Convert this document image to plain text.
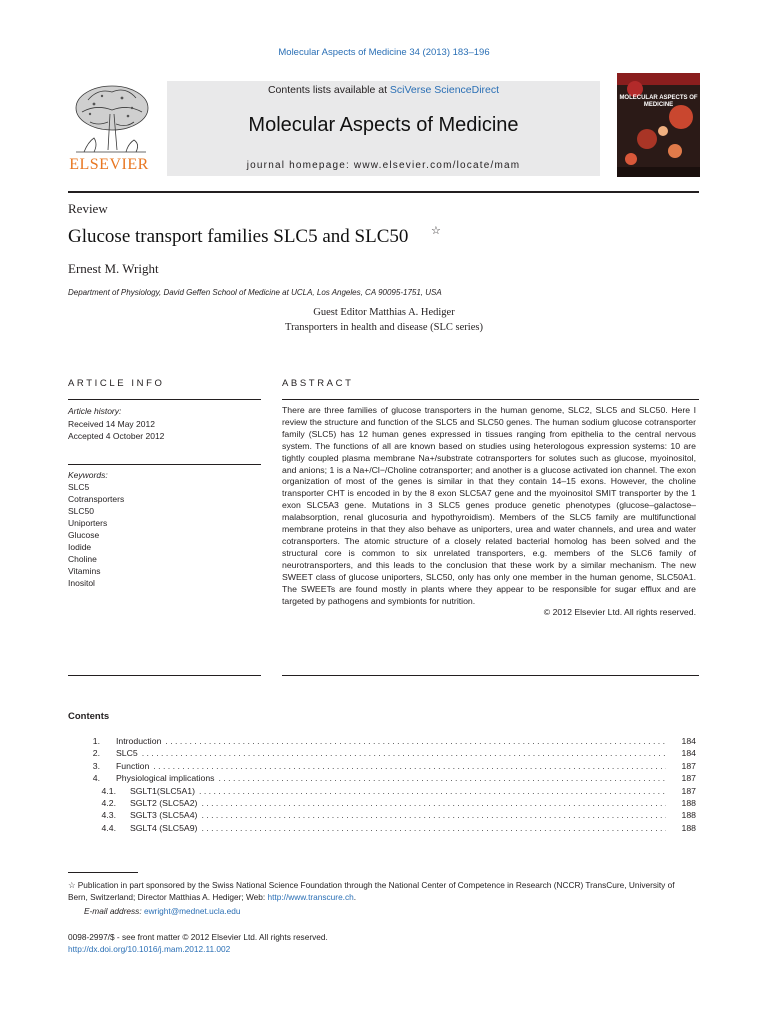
Molecular Aspects of Medicine 34 (2013) 183–196
Contents lists available at SciVerse ScienceDirect
Molecular Aspects of Medicine
journal homepage: www.elsevier.com/locate/mam
ELSEVIER
MOLECULAR ASPECTS OF MEDICINE
Review
Glucose transport families SLC5 and SLC50 ☆
Ernest M. Wright
Department of Physiology, David Geffen School of Medicine at UCLA, Los Angeles, CA 90095-1751, USA
Guest Editor Matthias A. Hediger
Transporters in health and disease (SLC series)
ARTICLE INFO	ABSTRACT
Article history:
Received 14 May 2012
Accepted 4 October 2012
Keywords:
SLC5
Cotransporters
SLC50
Uniporters
Glucose
Iodide
Choline
Vitamins
Inositol
There are three families of glucose transporters in the human genome, SLC2, SLC5 and SLC50. Here I review the structure and function of the SLC5 and SLC50 genes. The human sodium glucose cotransporter family (SLC5) has 12 human genes expressed in tissues ranging from epithelia to the central nervous system. The functions of all are known based on studies using heterologous expression systems: 10 are tightly coupled plasma membrane Na+/substrate cotransporters for solutes such as glucose, myoinositol, and anions; 1 is a Na+/Cl−/Choline cotransporter; and another is a glucose activated ion channel. The exon organization of most of the genes is similar in that they contain 14–15 exons. However, the choline transporter CHT is encoded in by the 8 exon SLC5A7 gene and the myoinositol SMIT transporter by the 1 exon SLC5A3 gene. Mutations in 3 SLC5 genes produce genetic phenotypes (glucose–galactose–malabsorption, renal glucosuria and hypothyroidism). Members of the SLC5 family are multifunctional membrane proteins in that they also behave as uniporters, urea and water channels, and urea and water cotransporters. The atomic structure of a closely related bacterial homolog has been solved and the structural core is common to six unrelated transporters, e.g. members of the SLC6 family of neurotransporters, and this leads to the conclusion that these work by a similar mechanism. The new SWEET class of glucose uniporters, SLC50, only has only one member in the human genome, SLC50A1. The SWEETs are found mostly in plants where they appear to be responsible for sugar efflux and are targeted by pathogens and symbionts for nutrition.
© 2012 Elsevier Ltd. All rights reserved.
Contents
1.	Introduction . . .	184
2.	SLC5 . . .	184
3.	Function . . .	187
4.	Physiological implications . . .	187
4.1.	SGLT1(SLC5A1) . . .	187
4.2.	SGLT2 (SLC5A2) . . .	188
4.3.	SGLT3 (SLC5A4) . . .	188
4.4.	SGLT4 (SLC5A9) . . .	188
☆ Publication in part sponsored by the Swiss National Science Foundation through the National Center of Competence in Research (NCCR) TransCure, University of Bern, Switzerland; Director Matthias A. Hediger; Web: http://www.transcure.ch.
E-mail address: ewright@mednet.ucla.edu
0098-2997/$ - see front matter © 2012 Elsevier Ltd. All rights reserved.
http://dx.doi.org/10.1016/j.mam.2012.11.002
